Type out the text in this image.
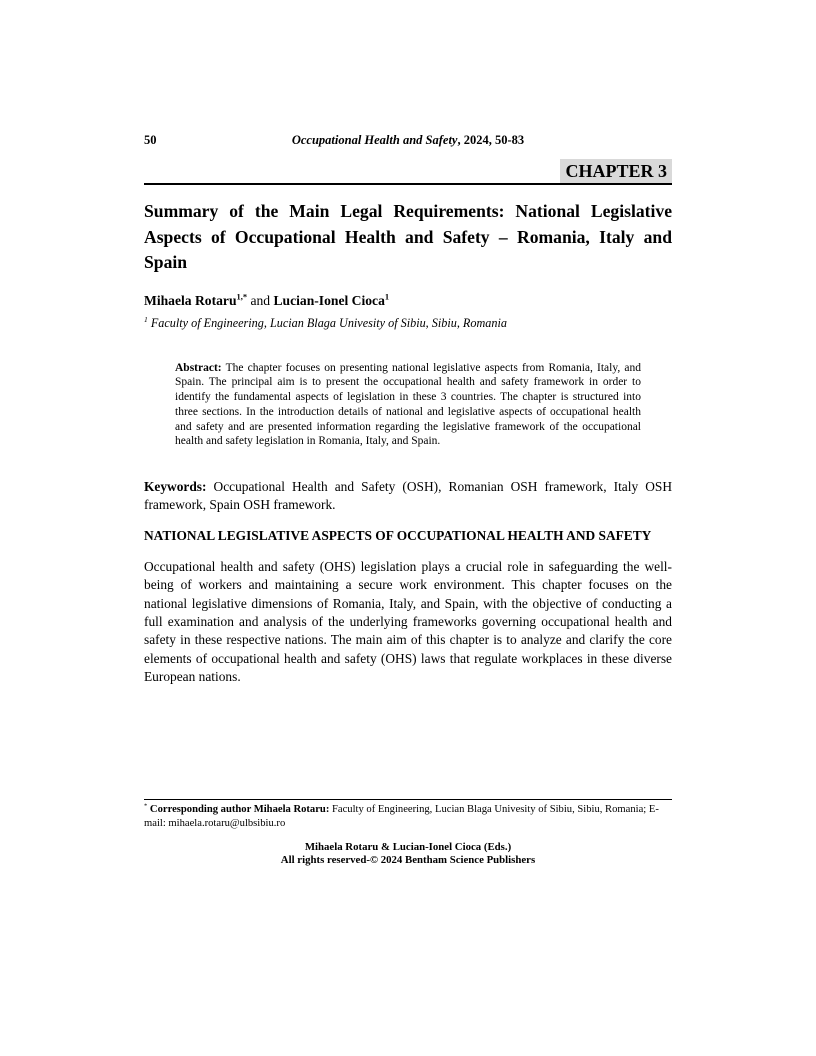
50	Occupational Health and Safety, 2024, 50-83
CHAPTER 3
Summary of the Main Legal Requirements: National Legislative Aspects of Occupational Health and Safety – Romania, Italy and Spain

Mihaela Rotaru$^{1,*}$ and Lucian-Ionel Cioca$^1$

$^1$ Faculty of Engineering, Lucian Blaga Univesity of Sibiu, Sibiu, Romania

Abstract: The chapter focuses on presenting national legislative aspects from Romania, Italy, and Spain. The principal aim is to present the occupational health and safety framework in order to identify the fundamental aspects of legislation in these 3 countries. The chapter is structured into three sections. In the introduction details of national and legislative aspects of occupational health and safety and are presented information regarding the legislative framework of the occupational health and safety legislation in Romania, Italy, and Spain.

Keywords: Occupational Health and Safety (OSH), Romanian OSH framework, Italy OSH framework, Spain OSH framework.

NATIONAL LEGISLATIVE ASPECTS OF OCCUPATIONAL HEALTH AND SAFETY

Occupational health and safety (OHS) legislation plays a crucial role in safeguarding the well-being of workers and maintaining a secure work environment. This chapter focuses on the national legislative dimensions of Romania, Italy, and Spain, with the objective of conducting a full examination and analysis of the underlying frameworks governing occupational health and safety in these respective nations. The main aim of this chapter is to analyze and clarify the core elements of occupational health and safety (OHS) laws that regulate workplaces in these diverse European nations.

* Corresponding author Mihaela Rotaru: Faculty of Engineering, Lucian Blaga Univesity of Sibiu, Sibiu, Romania; E-mail: mihaela.rotaru@ulbsibiu.ro

Mihaela Rotaru & Lucian-Ionel Cioca (Eds.)
All rights reserved-© 2024 Bentham Science Publishers
